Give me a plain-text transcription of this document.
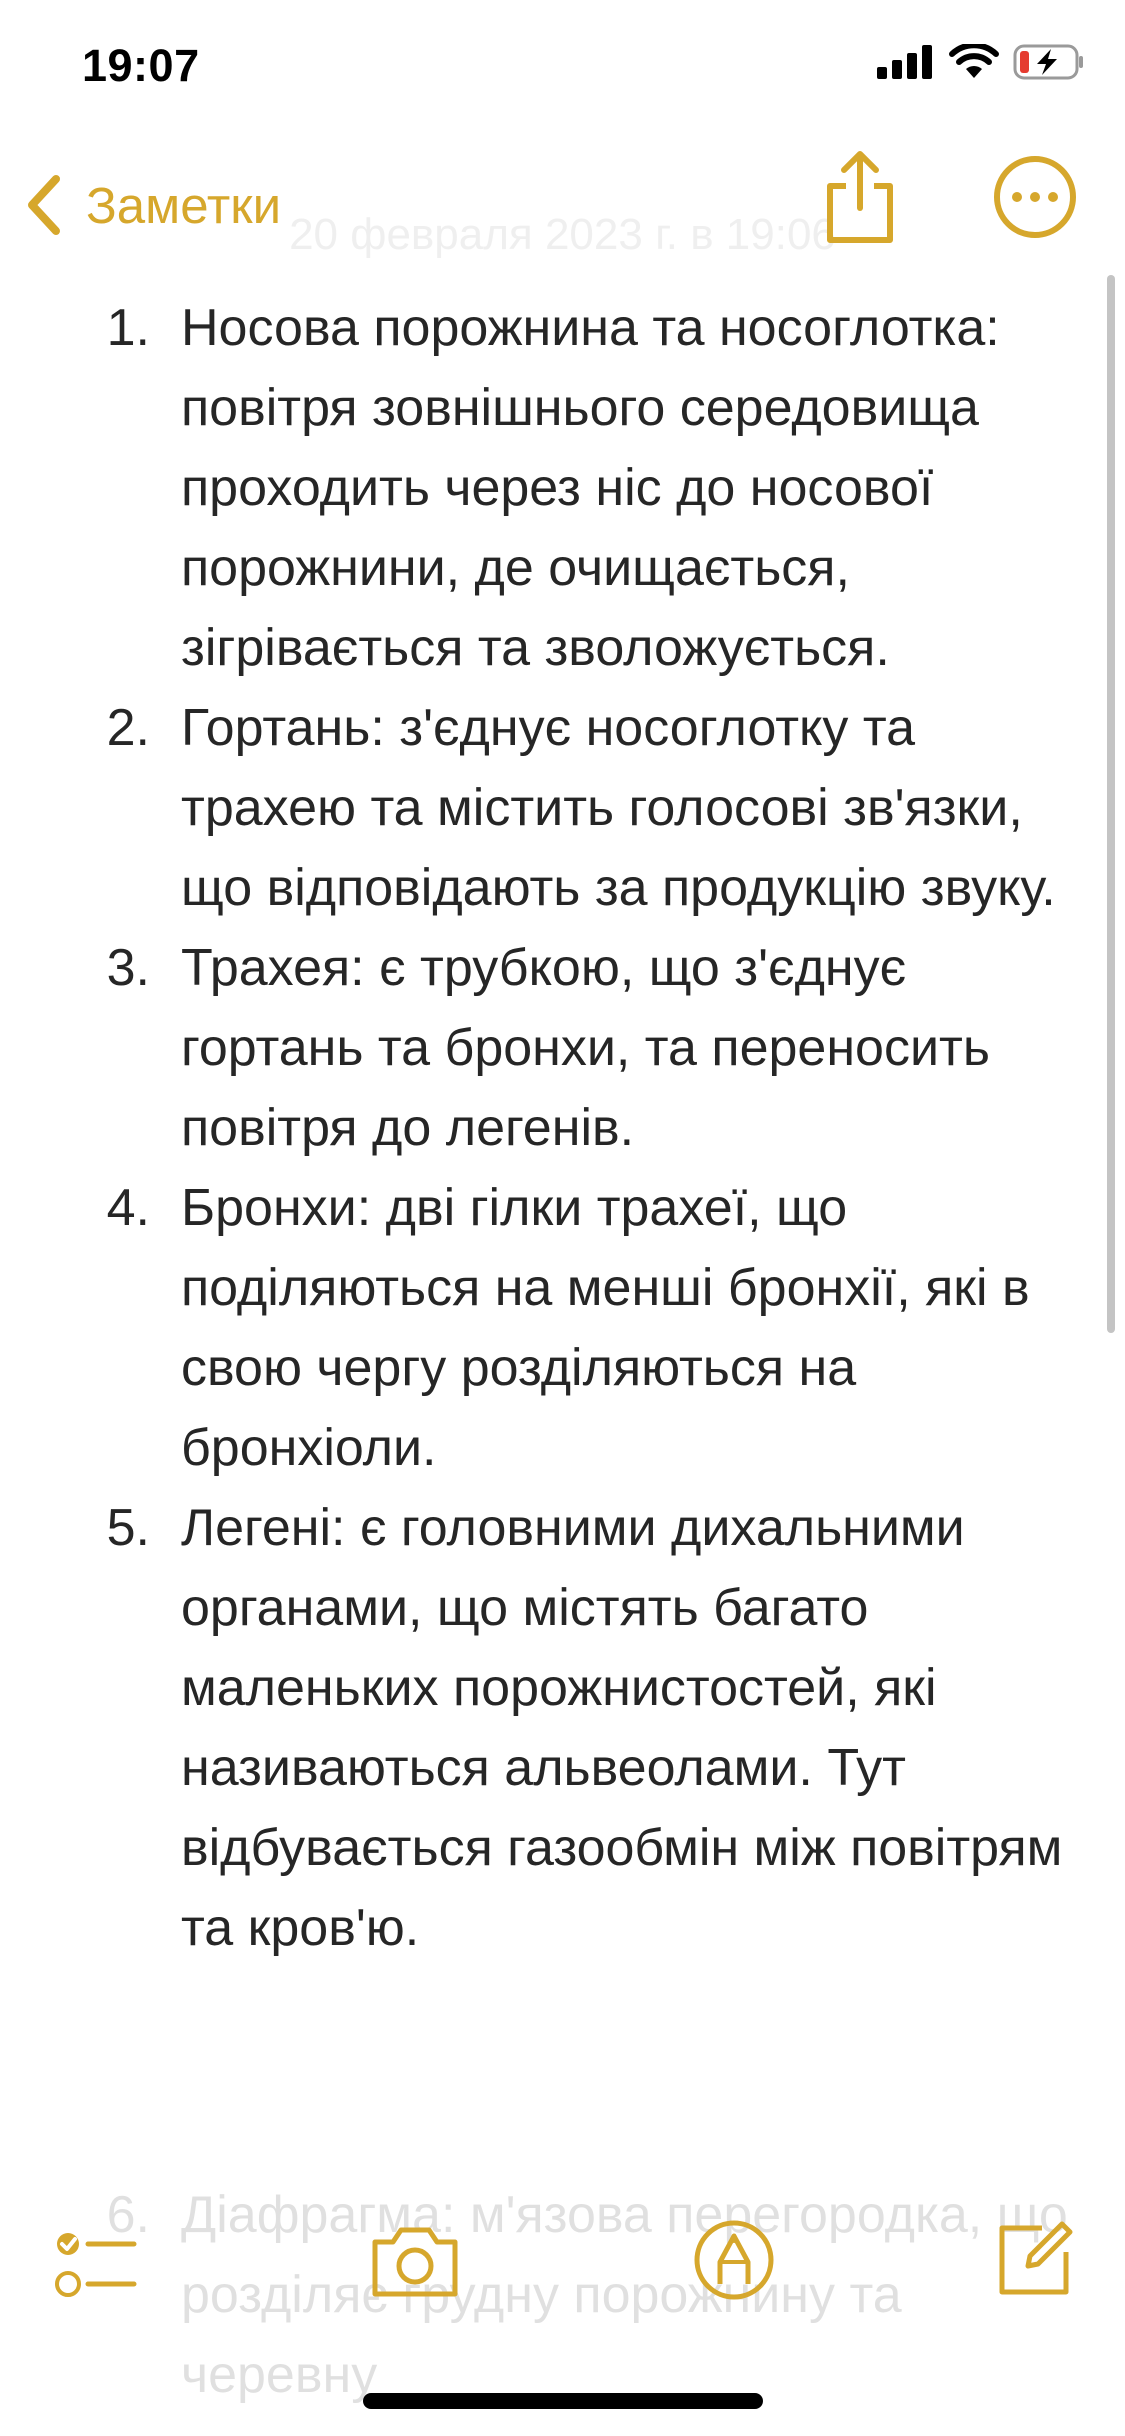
19:07
20 февраля 2023 г. в 19:06
Заметки
1. Носова порожнина та носоглотка: повітря зовнішнього середовища проходить через ніс до носової порожнини, де очищається, зігрівається та зволожується.
2. Гортань: з'єднує носоглотку та трахею та містить голосові зв'язки, що відповідають за продукцію звуку.
3. Трахея: є трубкою, що з'єднує гортань та бронхи, та переносить повітря до легенів.
4. Бронхи: дві гілки трахеї, що поділяються на менші бронхії, які в свою чергу розділяються на бронхіоли.
5. Легені: є головними дихальними органами, що містять багато маленьких порожнистостей, які називаються альвеолами. Тут відбувається газообмін між повітрям та кров'ю.
